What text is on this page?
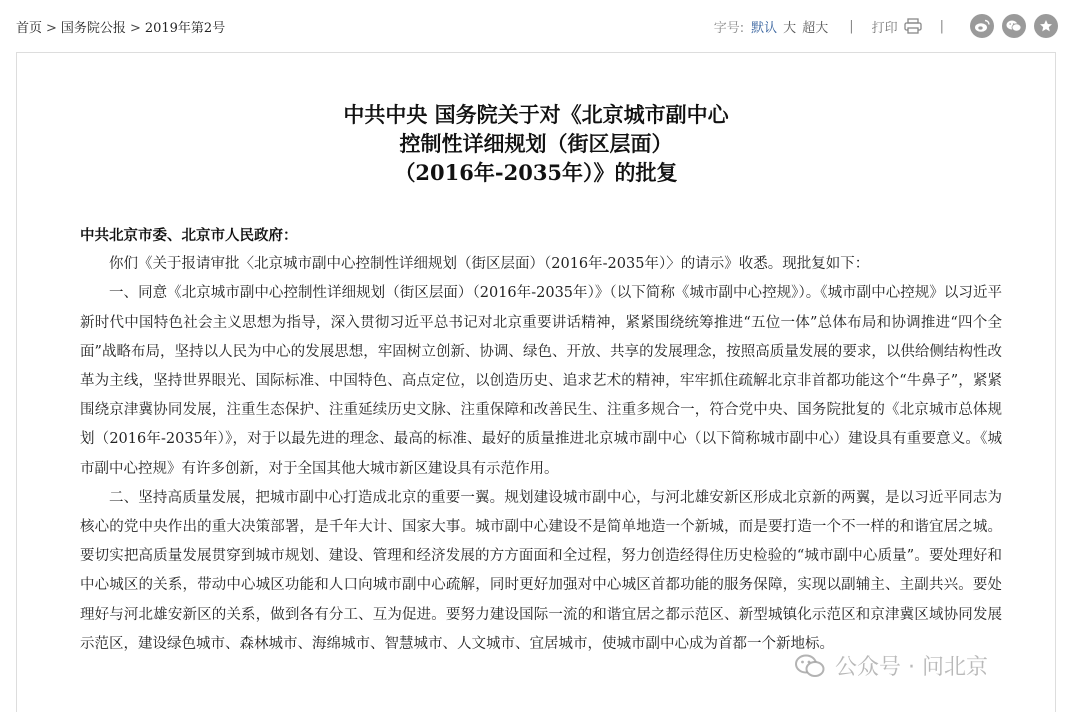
首页 > 国务院公报 > 2019年第2号	字号: 默认 大 超大 | 打印	|
中共中央 国务院关于对《北京城市副中心
控制性详细规划（街区层面）
（2016年-2035年）》的批复

中共北京市委、北京市人民政府：

你们《关于报请审批〈北京城市副中心控制性详细规划（街区层面）（2016年-2035年）〉的请示》收悉。现批复如下：

一、同意《北京城市副中心控制性详细规划（街区层面）（2016年-2035年）》（以下简称《城市副中心控规》）。《城市副中心控规》以习近平新时代中国特色社会主义思想为指导，深入贯彻习近平总书记对北京重要讲话精神，紧紧围绕统筹推进“五位一体”总体布局和协调推进“四个全面”战略布局，坚持以人民为中心的发展思想，牢固树立创新、协调、绿色、开放、共享的发展理念，按照高质量发展的要求，以供给侧结构性改革为主线，坚持世界眼光、国际标准、中国特色、高点定位，以创造历史、追求艺术的精神，牢牢抓住疏解北京非首都功能这个“牛鼻子”，紧紧围绕京津冀协同发展，注重生态保护、注重延续历史文脉、注重保障和改善民生、注重多规合一，符合党中央、国务院批复的《北京城市总体规划（2016年-2035年）》，对于以最先进的理念、最高的标准、最好的质量推进北京城市副中心（以下简称城市副中心）建设具有重要意义。《城市副中心控规》有许多创新，对于全国其他大城市新区建设具有示范作用。

二、坚持高质量发展，把城市副中心打造成北京的重要一翼。规划建设城市副中心，与河北雄安新区形成北京新的两翼，是以习近平同志为核心的党中央作出的重大决策部署，是千年大计、国家大事。城市副中心建设不是简单地造一个新城，而是要打造一个不一样的和谐宜居之城。要切实把高质量发展贯穿到城市规划、建设、管理和经济发展的方方面面和全过程，努力创造经得住历史检验的“城市副中心质量”。要处理好和中心城区的关系，带动中心城区功能和人口向城市副中心疏解，同时更好加强对中心城区首都功能的服务保障，实现以副辅主、主副共兴。要处理好与河北雄安新区的关系，做到各有分工、互为促进。要努力建设国际一流的和谐宜居之都示范区、新型城镇化示范区和京津冀区域协同发展示范区，建设绿色城市、森林城市、海绵城市、智慧城市、人文城市、宜居城市，使城市副中心成为首都一个新地标。

公众号 · 问北京
